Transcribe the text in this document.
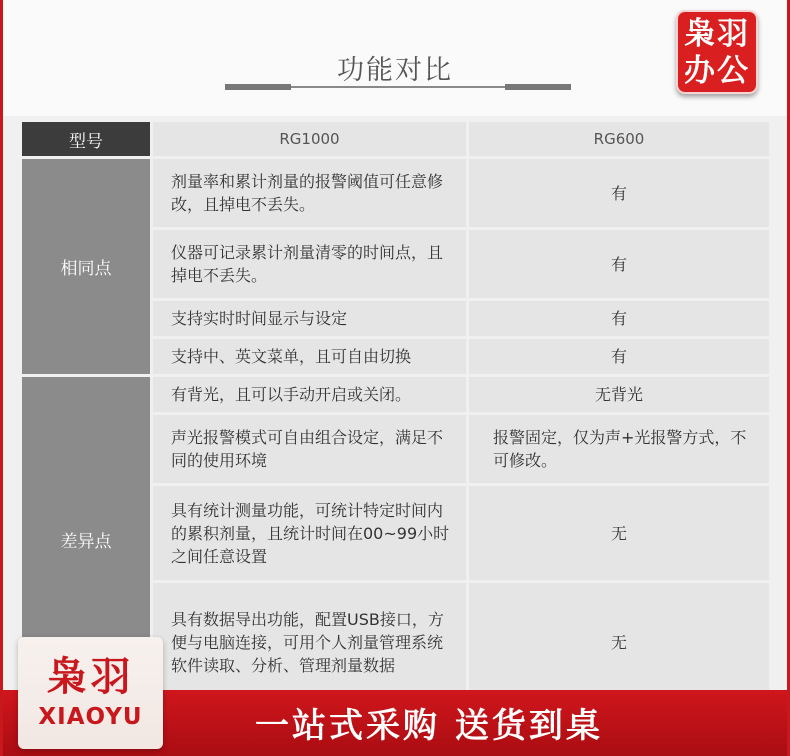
功能对比
枭羽
办公
型号	RG1000	RG600
相同点	剂量率和累计剂量的报警阈值可任意修改，且掉电不丢失。	有
	仪器可记录累计剂量清零的时间点，且掉电不丢失。	有
	支持实时时间显示与设定	有
	支持中、英文菜单，且可自由切换	有
差异点	有背光，且可以手动开启或关闭。	无背光
	声光报警模式可自由组合设定，满足不同的使用环境	报警固定，仅为声+光报警方式，不可修改。
	具有统计测量功能，可统计特定时间内的累积剂量，且统计时间在00~99小时之间任意设置	无
	具有数据导出功能，配置USB接口，方便与电脑连接，可用个人剂量管理系统软件读取、分析、管理剂量数据	无
一站式采购 送货到桌
枭羽
XIAOYU
